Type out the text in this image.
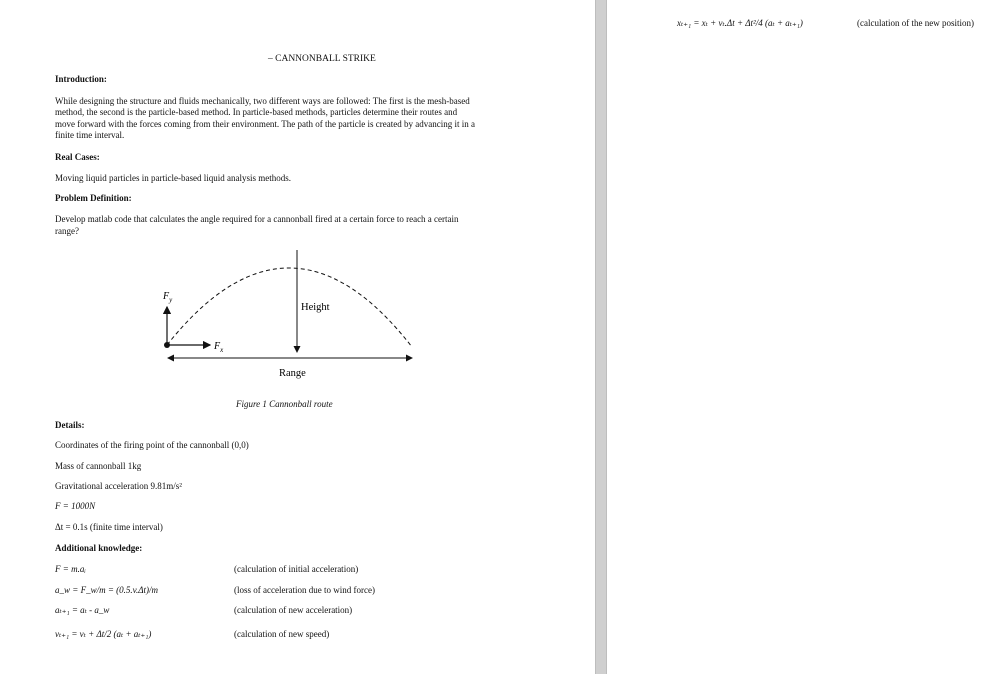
– CANNONBALL STRIKE
Introduction:
While designing the structure and fluids mechanically, two different ways are followed: The first is the mesh-based
method, the second is the particle-based method. In particle-based methods, particles determine their routes and
move forward with the forces coming from their environment. The path of the particle is created by advancing it in a
finite time interval.
Real Cases:
Moving liquid particles in particle-based liquid analysis methods.
Problem Definition:
Develop matlab code that calculates the angle required for a cannonball fired at a certain force to reach a certain
range?
$F_y$
$F_x$
Height
Range
Figure 1 Cannonball route
Details:
Coordinates of the firing point of the cannonball (0,0)
Mass of cannonball 1kg
Gravitational acceleration 9.81m/s²
F = 1000N
Δt = 0.1s (finite time interval)
Additional knowledge:
F = m.aᵢ	(calculation of initial acceleration)
a_w = F_w/m = (0.5.v.Δt)/m	(loss of acceleration due to wind force)
aₜ₊₁ = aₜ - a_w	(calculation of new acceleration)
vₜ₊₁ = vₜ + Δt/2 (aₜ + aₜ₊₁)	(calculation of new speed)
xₜ₊₁ = xₜ + vₜ.Δt + Δt²/4 (aₜ + aₜ₊₁)	(calculation of the new position)
